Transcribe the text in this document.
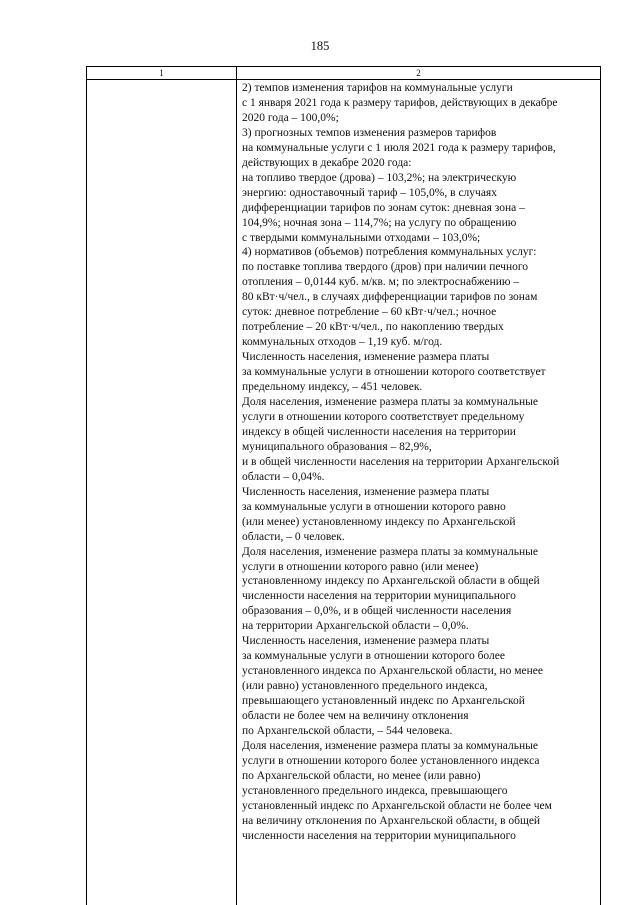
185
1	2
2) темпов изменения тарифов на коммунальные услуги
с 1 января 2021 года к размеру тарифов, действующих в декабре
2020 года – 100,0%;
3) прогнозных темпов изменения размеров тарифов
на коммунальные услуги с 1 июля 2021 года к размеру тарифов,
действующих в декабре 2020 года:
на топливо твердое (дрова) – 103,2%; на электрическую
энергию: одноставочный тариф – 105,0%, в случаях
дифференциации тарифов по зонам суток: дневная зона –
104,9%; ночная зона – 114,7%; на услугу по обращению
с твердыми коммунальными отходами – 103,0%;
4) нормативов (объемов) потребления коммунальных услуг:
по поставке топлива твердого (дров) при наличии печного
отопления – 0,0144 куб. м/кв. м; по электроснабжению –
80 кВт·ч/чел., в случаях дифференциации тарифов по зонам
суток: дневное потребление – 60 кВт·ч/чел.; ночное
потребление – 20 кВт·ч/чел., по накоплению твердых
коммунальных отходов – 1,19 куб. м/год.
Численность населения, изменение размера платы
за коммунальные услуги в отношении которого соответствует
предельному индексу, – 451 человек.
Доля населения, изменение размера платы за коммунальные
услуги в отношении которого соответствует предельному
индексу в общей численности населения на территории
муниципального образования – 82,9%,
и в общей численности населения на территории Архангельской
области – 0,04%.
Численность населения, изменение размера платы
за коммунальные услуги в отношении которого равно
(или менее) установленному индексу по Архангельской
области, – 0 человек.
Доля населения, изменение размера платы за коммунальные
услуги в отношении которого равно (или менее)
установленному индексу по Архангельской области в общей
численности населения на территории муниципального
образования – 0,0%, и в общей численности населения
на территории Архангельской области – 0,0%.
Численность населения, изменение размера платы
за коммунальные услуги в отношении которого более
установленного индекса по Архангельской области, но менее
(или равно) установленного предельного индекса,
превышающего установленный индекс по Архангельской
области не более чем на величину отклонения
по Архангельской области, – 544 человека.
Доля населения, изменение размера платы за коммунальные
услуги в отношении которого более установленного индекса
по Архангельской области, но менее (или равно)
установленного предельного индекса, превышающего
установленный индекс по Архангельской области не более чем
на величину отклонения по Архангельской области, в общей
численности населения на территории муниципального
